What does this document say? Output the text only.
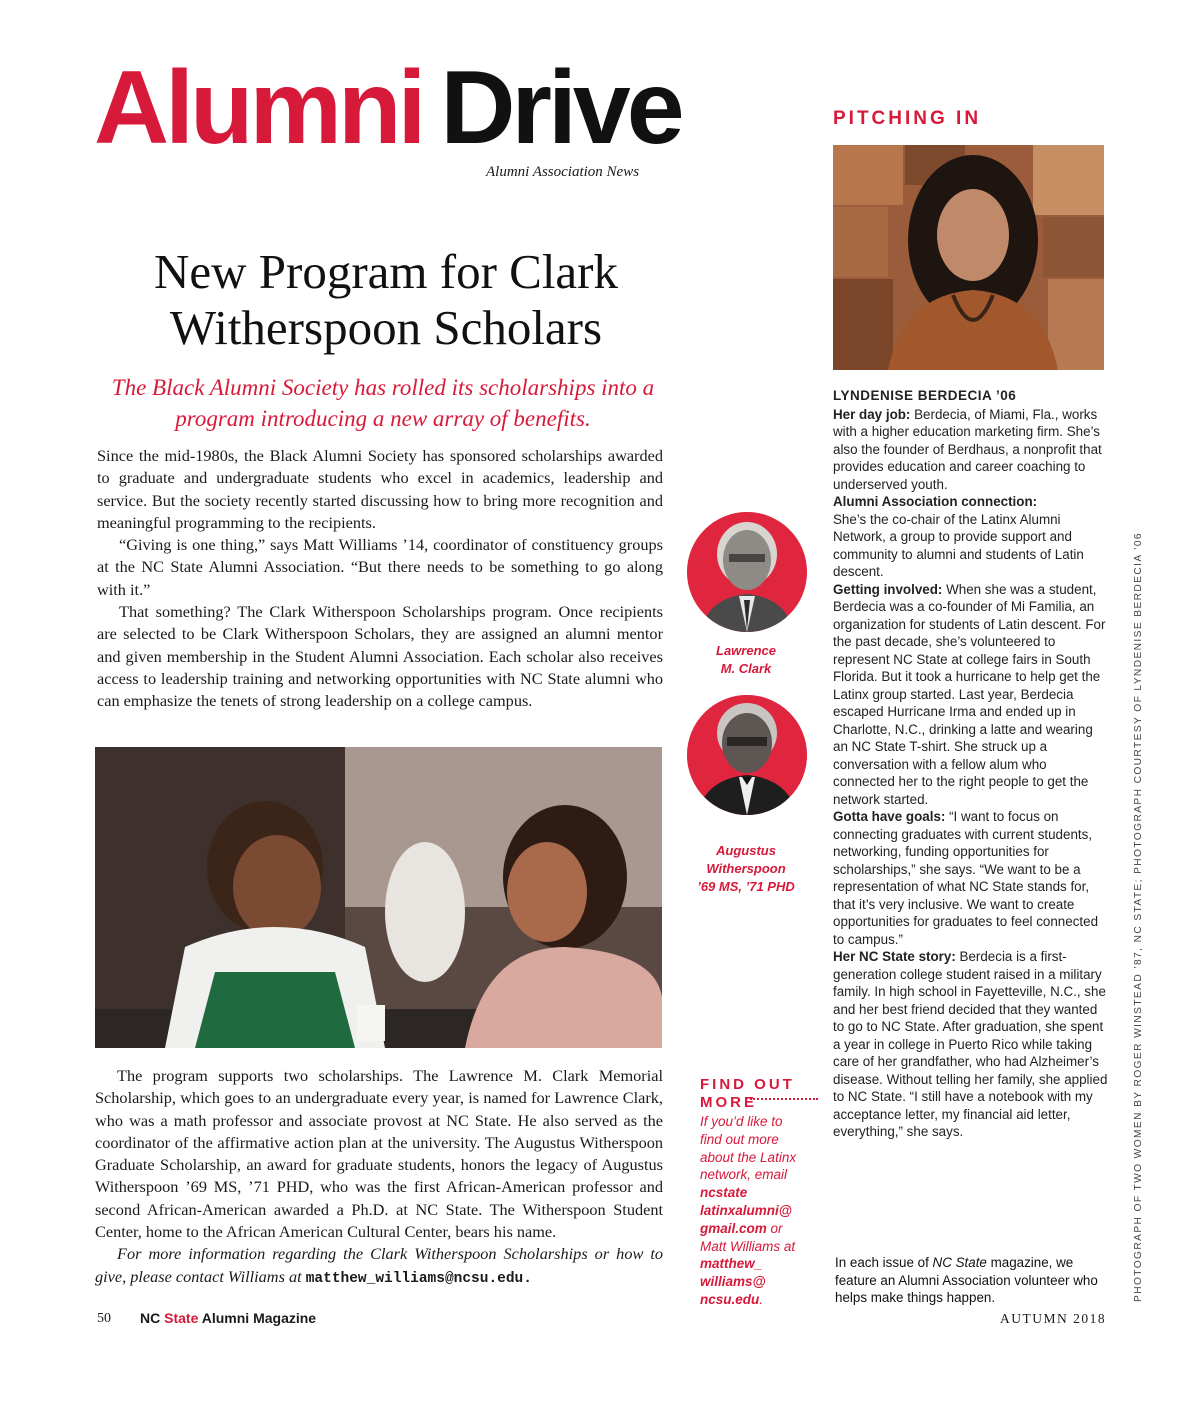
Alumni Drive
Alumni Association News
New Program for Clark Witherspoon Scholars
The Black Alumni Society has rolled its scholarships into a program introducing a new array of benefits.

Since the mid-1980s, the Black Alumni Society has sponsored scholarships awarded to graduate and undergraduate students who excel in academics, leadership and service. But the society recently started discussing how to bring more recognition and meaningful programming to the recipients.

“Giving is one thing,” says Matt Williams ’14, coordinator of constituency groups at the NC State Alumni Association. “But there needs to be something to go along with it.”

That something? The Clark Witherspoon Scholarships program. Once recipients are selected to be Clark Witherspoon Scholars, they are assigned an alumni mentor and given membership in the Student Alumni Association. Each scholar also receives access to leadership training and networking opportunities with NC State alumni who can emphasize the tenets of strong leadership on a college campus.

The program supports two scholarships. The Lawrence M. Clark Memorial Scholarship, which goes to an undergraduate every year, is named for Lawrence Clark, who was a math professor and associate provost at NC State. He also served as the coordinator of the affirmative action plan at the university. The Augustus Witherspoon Graduate Scholarship, an award for graduate students, honors the legacy of Augustus Witherspoon ’69 MS, ’71 PHD, who was the first African-American professor and second African-American awarded a Ph.D. at NC State. The Witherspoon Student Center, home to the African American Cultural Center, bears his name.

For more information regarding the Clark Witherspoon Scholarships or how to give, please contact Williams at matthew_williams@ncsu.edu.

Lawrence
M. Clark
Augustus
Witherspoon
’69 MS, ’71 PHD
FIND OUT
MORE
If you’d like to find out more about the Latinx network, email ncstate latinxalumni@ gmail.com or Matt Williams at matthew_ williams@ ncsu.edu.
PITCHING IN
LYNDENISE BERDECIA ’06

Her day job: Berdecia, of Miami, Fla., works with a higher education marketing firm. She’s also the founder of Berdhaus, a nonprofit that provides education and career coaching to underserved youth.

Alumni Association connection:
She’s the co-chair of the Latinx Alumni Network, a group to provide support and community to alumni and students of Latin descent.

Getting involved: When she was a student, Berdecia was a co-founder of Mi Familia, an organization for students of Latin descent. For the past decade, she’s volunteered to represent NC State at college fairs in South Florida. But it took a hurricane to help get the Latinx group started. Last year, Berdecia escaped Hurricane Irma and ended up in Charlotte, N.C., drinking a latte and wearing an NC State T-shirt. She struck up a conversation with a fellow alum who connected her to the right people to get the network started.

Gotta have goals: “I want to focus on connecting graduates with current students, networking, funding opportunities for scholarships,” she says. “We want to be a representation of what NC State stands for, that it’s very inclusive. We want to create opportunities for graduates to feel connected to campus.”

Her NC State story: Berdecia is a first-generation college student raised in a military family. In high school in Fayetteville, N.C., she and her best friend decided that they wanted to go to NC State. After graduation, she spent a year in college in Puerto Rico while taking care of her grandfather, who had Alzheimer’s disease. Without telling her family, she applied to NC State. “I still have a notebook with my acceptance letter, my financial aid letter, everything,” she says.

In each issue of NC State magazine, we feature an Alumni Association volunteer who helps make things happen.	PHOTOGRAPH OF TWO WOMEN BY ROGER WINSTEAD ’87, NC STATE; PHOTOGRAPH COURTESY OF LYNDENISE BERDECIA ’06
50 NC State Alumni Magazine	AUTUMN 2018
